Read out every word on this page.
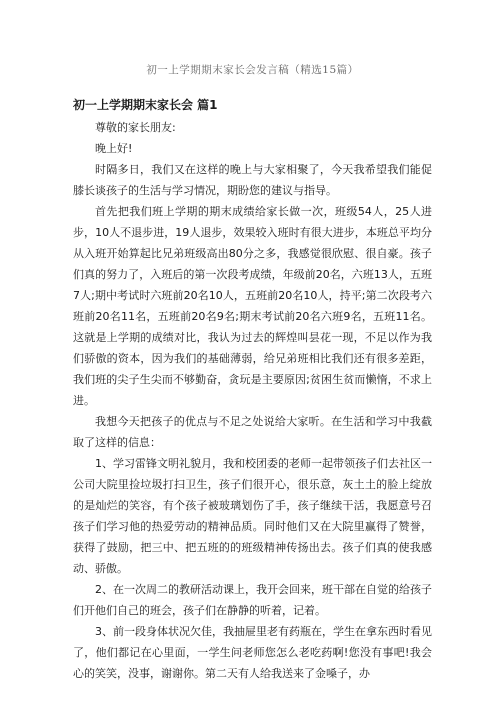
初一上学期期末家长会发言稿（精选15篇）
初一上学期期末家长会 篇1

尊敬的家长朋友:

晚上好!

时隔多日，我们又在这样的晚上与大家相聚了，今天我希望我们能促膝长谈孩子的生活与学习情况，期盼您的建议与指导。

首先把我们班上学期的期末成绩给家长做一次，班级54人，25人进步，10人不退步进，19人退步，效果较入班时有很大进步，本班总平均分从入班开始算起比兄弟班级高出80分之多，我感觉很欣慰、很自豪。孩子们真的努力了，入班后的第一次段考成绩，年级前20名，六班13人，五班7人;期中考试时六班前20名10人，五班前20名10人，持平;第二次段考六班前20名11名，五班前20名9名;期末考试前20名六班9名，五班11名。这就是上学期的成绩对比，我认为过去的辉煌叫昙花一现，不足以作为我们骄傲的资本，因为我们的基础薄弱，给兄弟班相比我们还有很多差距，我们班的尖子生尖而不够勤奋，贪玩是主要原因;贫困生贫而懒惰，不求上进。

我想今天把孩子的优点与不足之处说给大家听。在生活和学习中我截取了这样的信息：

1、学习雷锋文明礼貌月，我和校团委的老师一起带领孩子们去社区一公司大院里捡垃圾打扫卫生，孩子们很开心，很乐意，灰土土的脸上绽放的是灿烂的笑容，有个孩子被玻璃划伤了手，孩子继续干活，我愿意号召孩子们学习他的热爱劳动的精神品质。同时他们又在大院里赢得了赞誉，获得了鼓励，把三中、把五班的的班级精神传扬出去。孩子们真的使我感动、骄傲。

2、在一次周二的教研活动课上，我开会回来，班干部在自觉的给孩子们开他们自己的班会，孩子们在静静的听着，记着。

3、前一段身体状况欠佳，我抽屉里老有药瓶在，学生在拿东西时看见了，他们都记在心里面，一学生问老师您怎么老吃药啊!您没有事吧!我会心的笑笑，没事，谢谢你。第二天有人给我送来了金嗓子，办
